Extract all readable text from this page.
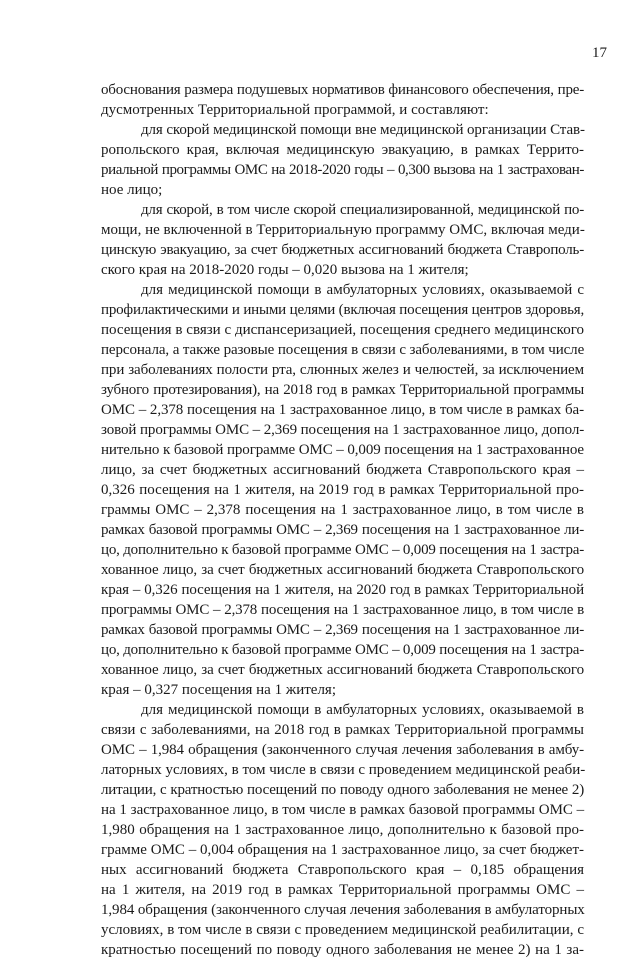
17
обоснования размера подушевых нормативов финансового обеспечения, пре-
дусмотренных Территориальной программой, и составляют:
для скорой медицинской помощи вне медицинской организации Став-
ропольского края, включая медицинскую эвакуацию, в рамках Террито-
риальной программы ОМС на 2018-2020 годы – 0,300 вызова на 1 застрахован-
ное лицо;
для скорой, в том числе скорой специализированной, медицинской по-
мощи, не включенной в Территориальную программу ОМС, включая меди-
цинскую эвакуацию, за счет бюджетных ассигнований бюджета Ставрополь-
ского края на 2018-2020 годы – 0,020 вызова на 1 жителя;
для медицинской помощи в амбулаторных условиях, оказываемой с
профилактическими и иными целями (включая посещения центров здоровья,
посещения в связи с диспансеризацией, посещения среднего медицинского
персонала, а также разовые посещения в связи с заболеваниями, в том числе
при заболеваниях полости рта, слюнных желез и челюстей, за исключением
зубного протезирования), на 2018 год в рамках Территориальной программы
ОМС – 2,378 посещения на 1 застрахованное лицо, в том числе в рамках ба-
зовой программы ОМС – 2,369 посещения на 1 застрахованное лицо, допол-
нительно к базовой программе ОМС – 0,009 посещения на 1 застрахованное
лицо, за счет бюджетных ассигнований бюджета Ставропольского края –
0,326 посещения на 1 жителя, на 2019 год в рамках Территориальной про-
граммы ОМС – 2,378 посещения на 1 застрахованное лицо, в том числе в
рамках базовой программы ОМС – 2,369 посещения на 1 застрахованное ли-
цо, дополнительно к базовой программе ОМС – 0,009 посещения на 1 застра-
хованное лицо, за счет бюджетных ассигнований бюджета Ставропольского
края – 0,326 посещения на 1 жителя, на 2020 год в рамках Территориальной
программы ОМС – 2,378 посещения на 1 застрахованное лицо, в том числе в
рамках базовой программы ОМС – 2,369 посещения на 1 застрахованное ли-
цо, дополнительно к базовой программе ОМС – 0,009 посещения на 1 застра-
хованное лицо, за счет бюджетных ассигнований бюджета Ставропольского
края – 0,327 посещения на 1 жителя;
для медицинской помощи в амбулаторных условиях, оказываемой в
связи с заболеваниями, на 2018 год в рамках Территориальной программы
ОМС – 1,984 обращения (законченного случая лечения заболевания в амбу-
латорных условиях, в том числе в связи с проведением медицинской реаби-
литации, с кратностью посещений по поводу одного заболевания не менее 2)
на 1 застрахованное лицо, в том числе в рамках базовой программы ОМС –
1,980 обращения на 1 застрахованное лицо, дополнительно к базовой про-
грамме ОМС – 0,004 обращения на 1 застрахованное лицо, за счет бюджет-
ных ассигнований бюджета Ставропольского края – 0,185 обращения
на 1 жителя, на 2019 год в рамках Территориальной программы ОМС –
1,984 обращения (законченного случая лечения заболевания в амбулаторных
условиях, в том числе в связи с проведением медицинской реабилитации, с
кратностью посещений по поводу одного заболевания не менее 2) на 1 за-
